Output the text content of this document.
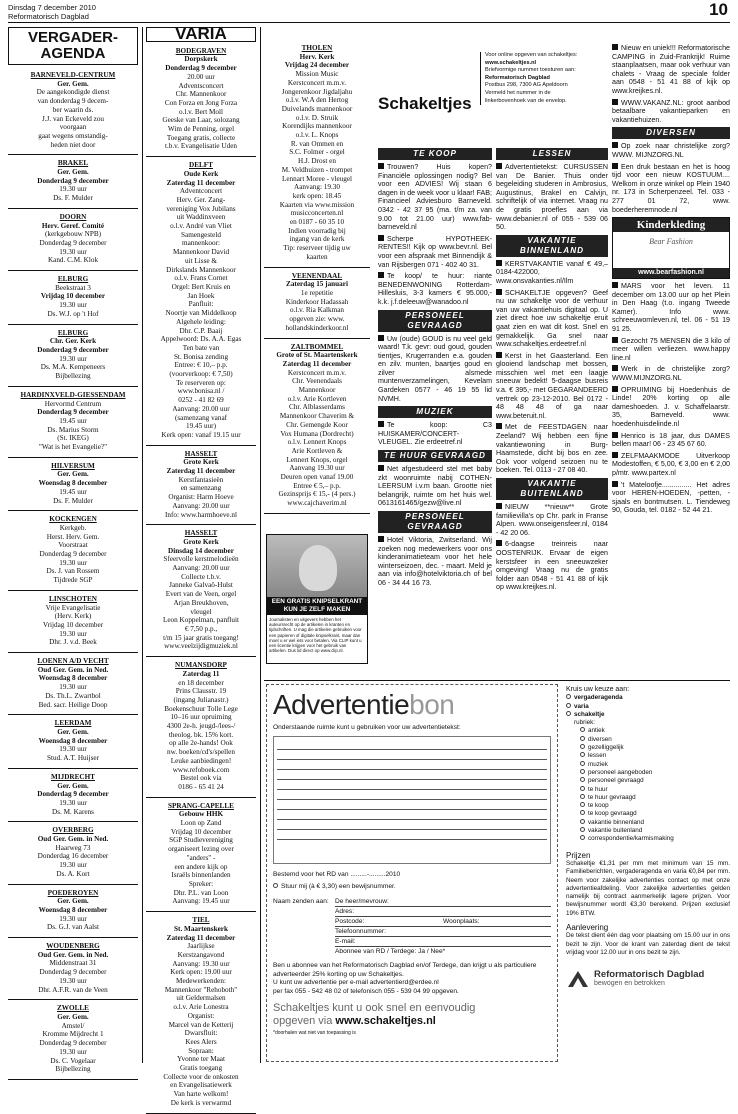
Dinsdag 7 december 2010
Reformatorisch Dagblad	10
VERGADER-AGENDA
BARNEVELD-CENTRUM
Ger. Gem.
De aangekondigde dienst
van donderdag 9 decem-
ber waarin ds.
J.J. van Eckeveld zou
voorgaan
gaat wegens omstandig-
heden niet door
BRAKEL
Ger. Gem.
Donderdag 9 december
19.30 uur
Ds. F. Mulder
DOORN
Herv. Geref. Comité
(kerkgebouw NPB)
Donderdag 9 december
19.30 uur
Kand. C.M. Klok
ELBURG
Beekstraat 3
Vrijdag 10 december
19.30 uur
Ds. W.J. op 't Hof
ELBURG
Chr. Ger. Kerk
Donderdag 9 december
19.30 uur
Ds. M.A. Kempeneers
Bijbellezing
HARDINXVELD-GIESSENDAM
Hervormd Centrum
Donderdag 9 december
19.45 uur
Ds. Marius Storm
(St. IKEG)
"Wat is het Evangelie?"
HILVERSUM
Ger. Gem.
Woensdag 8 december
19.45 uur
Ds. F. Mulder
KOCKENGEN
Kerkgeb.
Herst. Herv. Gem.
Voorstraat
Donderdag 9 december
19.30 uur
Ds. J. van Rossem
Tijdrede SGP
LINSCHOTEN
Vrije Evangelisatie
(Herv. Kerk)
Vrijdag 10 december
19.30 uur
Dhr. J. v.d. Beek
LOENEN A/D VECHT
Oud Ger. Gem. in Ned.
Woensdag 8 december
19.30 uur
Ds. Th.L. Zwartbol
Bed. sacr. Heilige Doop
LEERDAM
Ger. Gem.
Woensdag 8 december
19.30 uur
Stud. A.T. Huijser
MIJDRECHT
Ger. Gem.
Donderdag 9 december
19.30 uur
Ds. M. Karens
OVERBERG
Oud Ger. Gem. in Ned.
Haarweg 73
Donderdag 16 december
19.30 uur
Ds. A. Kort
POEDEROYEN
Ger. Gem.
Woensdag 8 december
19.30 uur
Ds. G.J. van Aalst
WOUDENBERG
Oud Ger. Gem. in Ned.
Middenstraat 31
Donderdag 9 december
19.30 uur
Dhr. A.F.R. van de Veen
ZWOLLE
Ger. Gem.
Amstel/
Kromme Mijdrecht 1
Donderdag 9 december
19.30 uur
Ds. C. Vogelaar
Bijbellezing
VARIA
BODEGRAVEN
Dorpskerk
Donderdag 9 december
20.00 uur
Adventsconcert
Chr. Mannenkoor
Con Forza en Jong Forza
o.l.v. Bert Moll
Geeske van Laar, solozang
Wim de Penning, orgel
Toegang gratis, collecte
t.b.v. Evangelisatie Uden
DELFT
Oude Kerk
Zaterdag 11 december
Adventconcert
Herv. Ger. Zang-
vereniging Vox Jubilans
uit Waddinxveen
o.l.v. André van Vliet
Samengesteld
mannenkoor:
Mannenkoor David
uit Lisse &
Dirkslands Mannenkoor
o.l.v. Frans Cornet
Orgel: Bert Kruis en
Jan Hoek
Panfluit:
Noortje van Middelkoop
Algehele leiding:
Dhr. C.P. Baaij
Appelwoord: Ds. A.A. Egas
Ten bate van
St. Bonisa zending
Entree: € 10,– p.p.
(voorverkoop: € 7,50)
Te reserveren op:
www.bonisa.nl /
0252 - 41 82 69
Aanvang: 20.00 uur
(samenzang vanaf
19.45 uur)
Kerk open: vanaf 19.15 uur
HASSELT
Grote Kerk
Zaterdag 11 december
Kerstfantasieën
en samenzang
Organist: Harm Hoeve
Aanvang: 20.00 uur
Info: www.harmhoeve.nl
HASSELT
Grote Kerk
Dinsdag 14 december
Sfeervolle kerstmelodieën
Aanvang: 20.00 uur
Collecte t.b.v.
Janneke Galvaô-Hulst
Evert van de Veen, orgel
Arjan Breukhoven,
vleugel
Leon Koppelman, panfluit
€ 7,50 p.p.,
t/m 15 jaar gratis toegang!
www.veelzijdigmuziek.nl
NUMANSDORP
Zaterdag 11
en 18 december
Prins Clausstr. 19
(ingang Julianastr.)
Boekenschuur Tolle Lege
10–16 uur opruiming
4300 2e-h. jeugd-/lees-/
theolog. bk. 15% kort.
op alle 2e-hands! Ook
nw. boeken/cd's/spellen
Leuke aanbiedingen!
www.refoboek.com
Bestel ook via
0186 - 65 41 24
SPRANG-CAPELLE
Gebouw HHK
Loon op Zand
Vrijdag 10 december
SGP Studievereniging
organiseert lezing over
"anders" -
een andere kijk op
Israëls binnenlanden
Spreker:
Dhr. P.L. van Loon
Aanvang: 19.45 uur
TIEL
St. Maartenskerk
Zaterdag 11 december
Jaarlijkse
Kerstzangavond
Aanvang: 19.30 uur
Kerk open: 19.00 uur
Medewerkenden:
Mannenkoor "Rehoboth"
uit Geldermalsen
o.l.v. Arie Lonestra
Organist:
Marcel van de Ketterij
Dwarsfluit:
Kees Alers
Sopraan:
Yvonne ter Maat
Gratis toegang
Collecte voor de onkosten
en Evangelisatiewerk
Van harte welkom!
De kerk is verwarmd
THOLEN
Herv. Kerk
Vrijdag 24 december
Mission Music
Kerstconcert m.m.v.
Jongerenkoor Jigdaljahu
o.l.v. W.A den Hertog
Duivelands mannenkoor
o.l.v. D. Struik
Korendijks mannenkoor
o.l.v. L. Knops
R. van Ommen en
S.C. Folmer - orgel
H.J. Drost en
M. Veldhuizen - trompet
Lennart Moree - vleugel
Aanvang: 19.30
kerk open: 18.45
Kaarten via www.mission
musicconcerten.nl
en 0187 - 60 35 10
Indien voorradig bij
ingang van de kerk
Tip: reserveer tijdig uw
kaarten
VEENENDAAL
Zaterdag 15 januari
1e repetitie
Kinderkoor Hadassah
o.l.v. Ria Kalkman
opgeven zie: www.
hollandskinderkoor.nl
ZALTBOMMEL
Grote of St. Maartenskerk
Zaterdag 11 december
Kerstconcert m.m.v.
Chr. Veenendaals
Mannenkoor
o.l.v. Arie Kortleven
Chr. Alblasserdams
Mannenkoor Chaverim &
Chr. Gemengde Koor
Vox Humana (Dordrecht)
o.l.v. Lennert Knops
Arie Kortleven &
Lennert Knops, orgel
Aanvang 19.30 uur
Deuren open vanaf 19.00
Entree € 5,– p.p.
Gezinsprijs € 15,- (4 pers.)
www.cajchaverim.nl
EEN GRATIS KNIPSELKRANT
KUN JE ZELF MAKEN
Journalisten en uitgevers hebben het auteursrecht op de artikelen in kranten en tijdschriften. U mag die artikelen gebruiken voor een papieren of digitale knipselkrant, maar dan moet u er wel iets voor betalen. Via CLIP kunt u een licentie krijgen voor het gebruik van artikelen. Dus lid direct op www.clip.nl.
Schakeltjes
Voor online opgeven van schakeltjes:
www.schakeltjes.nl
Briefvormige nummer toesturen aan:
Reformatorisch Dagblad
Postbus 298, 7300 AG Apeldoorn
Vermeld het nummer in de
linkerbovenhoek van de envelop.
TE KOOP

Trouwen? Huis kopen? Financiële oplossingen nodig? Bel voor een ADVIES! Wij staan 6 dagen in de week voor u klaar! FAB; Financieel Adviesburo Barneveld. 0342 - 42 37 95 (ma. t/m za. van 9.00 tot 21.00 uur) www.fab-barneveld.nl

Scherpe HYPOTHEEK-RENTES!! Kijk op www.bevr.nl. Bel voor een afspraak met Binnendijk & van Rijsbergen 071 - 402 40 31.

Te koop/ te huur: riante BENEDENWONING Rotterdam-Hillesluis, 3-3 kamers € 95.000,- k.k. j.f.deleeuw@wanadoo.nl

PERSONEEL GEVRAAGD

Uw (oude) GOUD is nu veel geld waard! T.k. gevr: oud goud, gouden tientjes, Krugerranden e.a. gouden en zilv. munten, baartjes goud en zilver alsmede muntenverzamelingen, Kevelam Gardeken 0577 - 46 19 55 lid NVMH.

MUZIEK

Te koop: C3 HUISKAMER/CONCERT-VLEUGEL. Zie erdeetref.nl

TE HUUR GEVRAAGD

Net afgestudeerd stel met baby zkt woonruimte nabij COTHEN-LEERSUM i.v.m baan. Grootte niet belangrijk, ruimte om het huis wel. 0613161465/gezw@live.nl

PERSONEEL GEVRAAGD

Hotel Viktoria, Zwitserland. Wij zoeken nog medewerkers voor ons kinderanimatieteam voor het hele winterseizoen, dec. - maart. Meld je aan via info@hotelviktoria.ch of bel 06 - 34 44 16 73.

LESSEN

Advertentietekst: CURSUSSEN van De Banier. Thuis onder begeleiding studeren in Ambrosius, Augustinus, Brakel en Calvijn, schriftelijk of via internet. Vraag nu de gratis proefles aan via www.debanier.nl of 055 - 539 06 50.

VAKANTIE BINNENLAND

KERSTVAKANTIE vanaf € 49,– 0184-422000, www.onsvakanties.nl/Ilm

SCHAKELTJE opgeven? Geef nu uw schakeltje voor de verhuur van uw vakantiehuis digitaal op. U ziet direct hoe uw schakeltje eruit gaat zien en wat dit kost. Snel en gemakkelijk. Ga snel naar www.schakeltjes.erdeetref.nl

Kerst in het Gaasterland. Een glooiend landschap met bossen, misschien wel met een laagje sneeuw bedekt! 5-daagse busreis v.a. € 395,- met GEGARANDEERD vertrek op 23-12-2010. Bel 0172 - 48 48 48 of ga naar www.beteruit.nl.

Met de FEESTDAGEN naar Zeeland? Wij hebben een fijne vakantiewoning in Burg-Haamstede, dicht bij bos en zee. Ook voor volgend seizoen nu te boeken. Tel. 0113 - 27 08 40.

VAKANTIE BUITENLAND

NIEUW **nieuw** Grote familievilla's op Chr. park in Franse Alpen. www.onseigensfeer.nl, 0184 - 42 20 06.

6-daagse treinreis naar OOSTENRIJK. Ervaar de eigen kerstsfeer in een sneeuwzeker omgeving! Vraag nu de gratis folder aan 0548 - 51 41 88 of kijk op www.kreijkes.nl.

Nieuw en uniek!!! Reformatorische CAMPING in Zuid-Frankrijk! Ruime staanplaatsen, maar ook verhuur van chalets - Vraag de speciale folder aan 0548 - 51 41 88 of kijk op www.kreijkes.nl.

WWW.VAKANZ.NL: groot aanbod betaalbare vakantieparken en vakantiehuizen.

DIVERSEN

Op zoek naar christelijke zorg? WWW. MIJNZORG.NL

Een druk bestaan en het is hoog tijd voor een nieuw KOSTUUM.... Welkom in onze winkel op Plein 1940 nr. 173 in Scherpenzeel. Tel. 033 - 277 01 72, www. boederheremnode.nl

Kinderkleding
Bear Fashion
www.bearfashion.nl

MARS voor het leven. 11 december om 13.00 uur op het Plein in Den Haag (t.o. ingang Tweede Kamer). Info www. schreeuwomleven.nl, tel. 06 - 51 19 91 25.

Gezocht 75 MENSEN die 3 kilo of meer willen verliezen. www.happy line.nl

Werk in de christelijke zorg? WWW.MIJNZORG.NL

OPRUIMING bij Hoedenhuis de Linde! 20% korting op alle dameshoeden. J. v. Schaffelaarstr. 35, Barneveld. www. hoedenhuisdelinde.nl

Henrico is 18 jaar, dus DAMES bellen maar! 06 - 23 45 67 60.

ZELFMAAKMODE Uitverkoop Modestoffen, € 5,00, € 3,00 en € 2,00 p/mtr. www.partex.nl

't Mateloofje............... Het adres voor HEREN-HOEDEN, -petten, -sjaals en bontmutsen. L. Tiendeweg 90, Gouda, tel. 0182 - 52 44 21.

Advertentiebon
Onderstaande ruimte kunt u gebruiken voor uw advertentietekst:
Bestemd voor het RD van .........-.........2010
Stuur mij (à € 3,30) een bewijsnummer.
Naam zenden aan: De heer/mevrouw:
Adres:
Postcode:	Woonplaats:
Telefoonnummer:
E-mail:
Abonnee van RD / Terdege: Ja / Nee*
Ben u abonnee van het Reformatorisch Dagblad en/of Terdege, dan krijgt u als particuliere adverteerder 25% korting op uw Schakeltjes.
U kunt uw advertentie per e-mail advertentierd@erdee.nl
per fax 055 - 542 48 02 of telefonisch 055 - 539 04 99 opgeven.
Schakeltjes kunt u ook snel en eenvoudig
opgeven via www.schakeltjes.nl
*doorhalen wat niet van toepassing is
Kruis uw keuze aan:
vergaderagenda
varia
schakeltje
rubriek:
antiek
diversen
gezelliggelijk
lessen
muziek
personeel aangeboden
personeel gevraagd
te huur
te huur gevraagd
te koop
te koop gevraagd
vakantie binnenland
vakantie buitenland
correspondentie/karmismaking
Prijzen
Schakeltje €1,31 per mm met minimum van 15 mm. Familieberichten, vergaderagenda en varia €0,84 per mm. Neem voor zakelijke advertenties contact op met onze advertentieafdeling. Voor zakelijke advertenties gelden namelijk bij contract aanmerkelijk lagere prijzen. Voor bewijsnummer wordt €3,30 berekend. Prijzen exclusief 19% BTW.
Aanlevering
De tekst dient één dag voor plaatsing om 15.00 uur in ons bezit te zijn. Voor de krant van zaterdag dient de tekst vrijdag voor 12.00 uur in ons bezit te zijn.
Reformatorisch Dagblad
bewogen en betrokken
